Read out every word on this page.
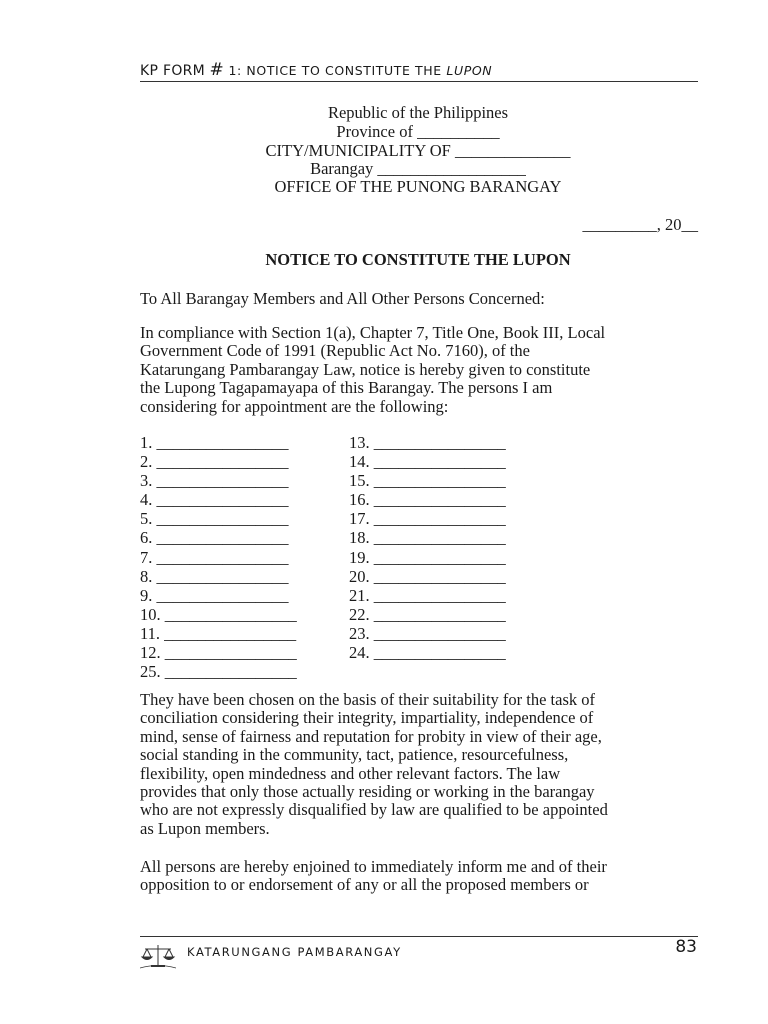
KP FORM # 1: NOTICE TO CONSTITUTE THE LUPON
Republic of the Philippines
Province of __________
CITY/MUNICIPALITY OF ______________
Barangay __________________
OFFICE OF THE PUNONG BARANGAY
_________, 20__
NOTICE TO CONSTITUTE THE LUPON
To All Barangay Members and All Other Persons Concerned:
In compliance with Section 1(a), Chapter 7, Title One, Book III, Local
Government Code of 1991 (Republic Act No. 7160), of the
Katarungang Pambarangay Law, notice is hereby given to constitute
the Lupong Tagapamayapa of this Barangay. The persons I am
considering for appointment are the following:
1. ________________
2. ________________
3. ________________
4. ________________
5. ________________
6. ________________
7. ________________
8. ________________
9. ________________
10. ________________
11. ________________
12. ________________
25. ________________
13. ________________
14. ________________
15. ________________
16. ________________
17. ________________
18. ________________
19. ________________
20. ________________
21. ________________
22. ________________
23. ________________
24. ________________
They have been chosen on the basis of their suitability for the task of
conciliation considering their integrity, impartiality, independence of
mind, sense of fairness and reputation for probity in view of their age,
social standing in the community, tact, patience, resourcefulness,
flexibility, open mindedness and other relevant factors. The law
provides that only those actually residing or working in the barangay
who are not expressly disqualified by law are qualified to be appointed
as Lupon members.
All persons are hereby enjoined to immediately inform me and of their
opposition to or endorsement of any or all the proposed members or
KATARUNGANG PAMBARANGAY	83
